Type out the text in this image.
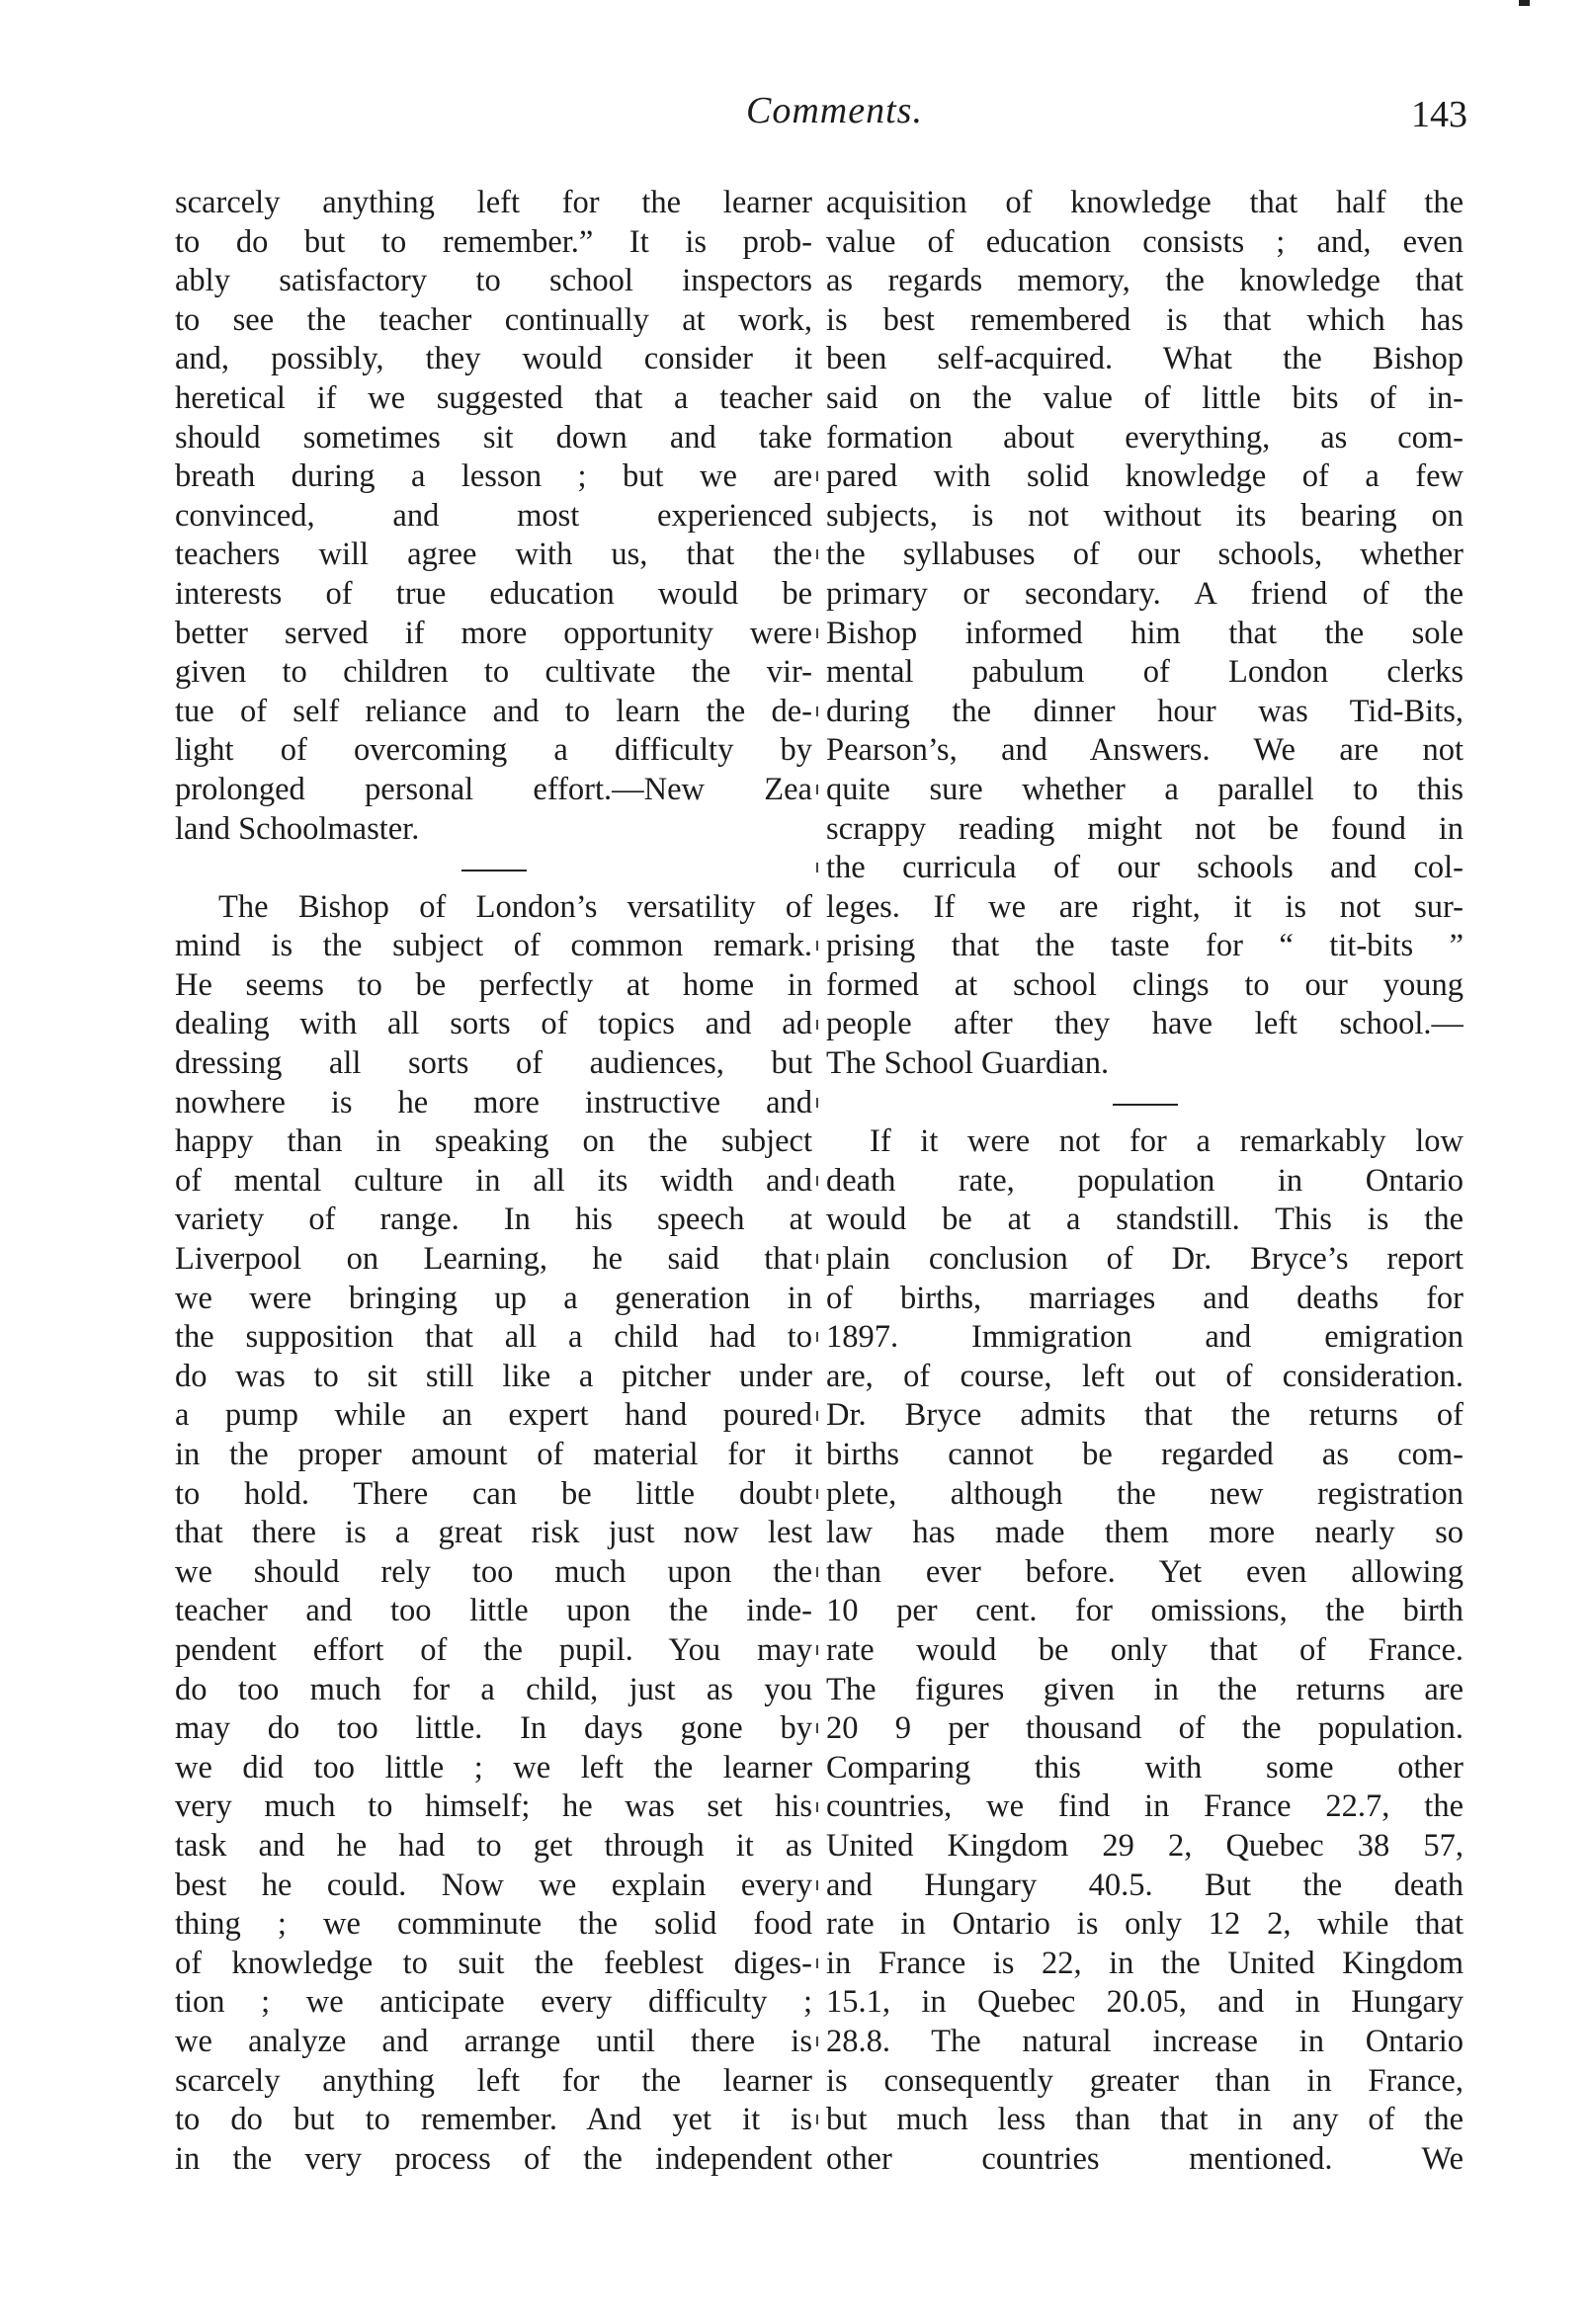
Comments.	143
scarcely anything left for the learner
to do but to remember.” It is prob-
ably satisfactory to school inspectors
to see the teacher continually at work,
and, possibly, they would consider it
heretical if we suggested that a teacher
should sometimes sit down and take
breath during a lesson ; but we are
convinced, and most experienced
teachers will agree with us, that the
interests of true education would be
better served if more opportunity were
given to children to cultivate the vir-
tue of self reliance and to learn the de-
light of overcoming a difficulty by
prolonged personal effort.—New Zea
land Schoolmaster.
The Bishop of London’s versatility of
mind is the subject of common remark.
He seems to be perfectly at home in
dealing with all sorts of topics and ad
dressing all sorts of audiences, but
nowhere is he more instructive and
happy than in speaking on the subject
of mental culture in all its width and
variety of range. In his speech at
Liverpool on Learning, he said that
we were bringing up a generation in
the supposition that all a child had to
do was to sit still like a pitcher under
a pump while an expert hand poured
in the proper amount of material for it
to hold. There can be little doubt
that there is a great risk just now lest
we should rely too much upon the
teacher and too little upon the inde-
pendent effort of the pupil. You may
do too much for a child, just as you
may do too little. In days gone by
we did too little ; we left the learner
very much to himself; he was set his
task and he had to get through it as
best he could. Now we explain every
thing ; we comminute the solid food
of knowledge to suit the feeblest diges-
tion ; we anticipate every difficulty ;
we analyze and arrange until there is
scarcely anything left for the learner
to do but to remember. And yet it is
in the very process of the independent
acquisition of knowledge that half the
value of education consists ; and, even
as regards memory, the knowledge that
is best remembered is that which has
been self-acquired. What the Bishop
said on the value of little bits of in-
formation about everything, as com-
pared with solid knowledge of a few
subjects, is not without its bearing on
the syllabuses of our schools, whether
primary or secondary. A friend of the
Bishop informed him that the sole
mental pabulum of London clerks
during the dinner hour was Tid-Bits,
Pearson’s, and Answers. We are not
quite sure whether a parallel to this
scrappy reading might not be found in
the curricula of our schools and col-
leges. If we are right, it is not sur-
prising that the taste for “ tit-bits ”
formed at school clings to our young
people after they have left school.—
The School Guardian.
If it were not for a remarkably low
death rate, population in Ontario
would be at a standstill. This is the
plain conclusion of Dr. Bryce’s report
of births, marriages and deaths for
1897. Immigration and emigration
are, of course, left out of consideration.
Dr. Bryce admits that the returns of
births cannot be regarded as com-
plete, although the new registration
law has made them more nearly so
than ever before. Yet even allowing
10 per cent. for omissions, the birth
rate would be only that of France.
The figures given in the returns are
20 9 per thousand of the population.
Comparing this with some other
countries, we find in France 22.7, the
United Kingdom 29 2, Quebec 38 57,
and Hungary 40.5. But the death
rate in Ontario is only 12 2, while that
in France is 22, in the United Kingdom
15.1, in Quebec 20.05, and in Hungary
28.8. The natural increase in Ontario
is consequently greater than in France,
but much less than that in any of the
other countries mentioned. We
